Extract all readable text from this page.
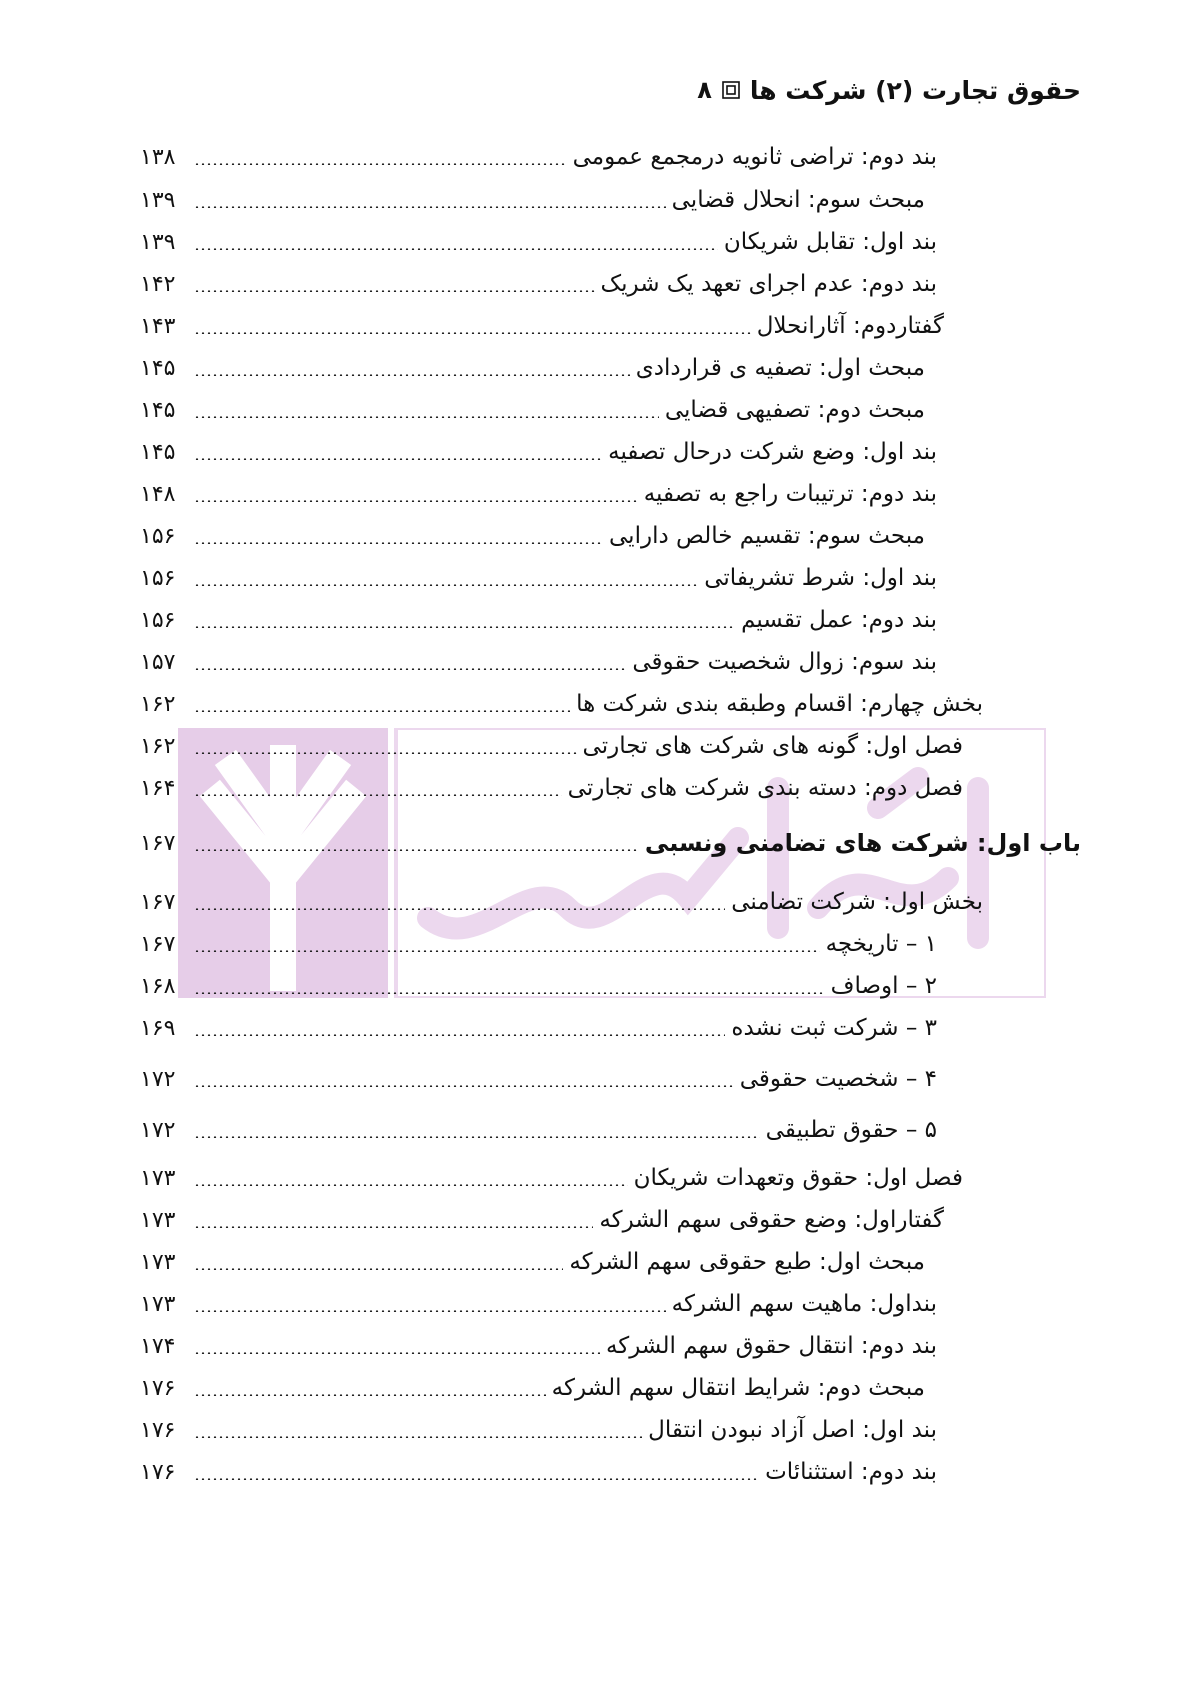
۸ حقوق تجارت (۲) شرکت ها
۱۳۸	بند دوم: تراضی ثانویه درمجمع عمومی
۱۳۹	مبحث سوم: انحلال قضایی
۱۳۹	بند اول: تقابل شریکان
۱۴۲	بند دوم: عدم اجرای تعهد یک شریک
۱۴۳	گفتاردوم: آثارانحلال
۱۴۵	مبحث اول: تصفیه ی قراردادی
۱۴۵	مبحث دوم: تصفیهی قضایی
۱۴۵	بند اول: وضع شرکت درحال تصفیه
۱۴۸	بند دوم: ترتیبات راجع به تصفیه
۱۵۶	مبحث سوم: تقسیم خالص دارایی
۱۵۶	بند اول: شرط تشریفاتی
۱۵۶	بند دوم: عمل تقسیم
۱۵۷	بند سوم: زوال شخصیت حقوقی
۱۶۲	بخش چهارم: اقسام وطبقه بندی شرکت ها
۱۶۲	فصل اول: گونه های شرکت های تجارتی
۱۶۴	فصل دوم: دسته بندی شرکت های تجارتی
۱۶۷	باب اول: شرکت های تضامنی ونسبی
۱۶۷	بخش اول: شرکت تضامنی
۱۶۷	۱ – تاریخچه
۱۶۸	۲ – اوصاف
۱۶۹	۳ – شرکت ثبت نشده
۱۷۲	۴ – شخصیت حقوقی
۱۷۲	۵ – حقوق تطبیقی
۱۷۳	فصل اول: حقوق وتعهدات شریکان
۱۷۳	گفتاراول: وضع حقوقی سهم الشرکه
۱۷۳	مبحث اول: طبع حقوقی سهم الشرکه
۱۷۳	بنداول: ماهیت سهم الشرکه
۱۷۴	بند دوم: انتقال حقوق سهم الشرکه
۱۷۶	مبحث دوم: شرایط انتقال سهم الشرکه
۱۷۶	بند اول: اصل آزاد نبودن انتقال
۱۷۶	بند دوم: استثنائات
